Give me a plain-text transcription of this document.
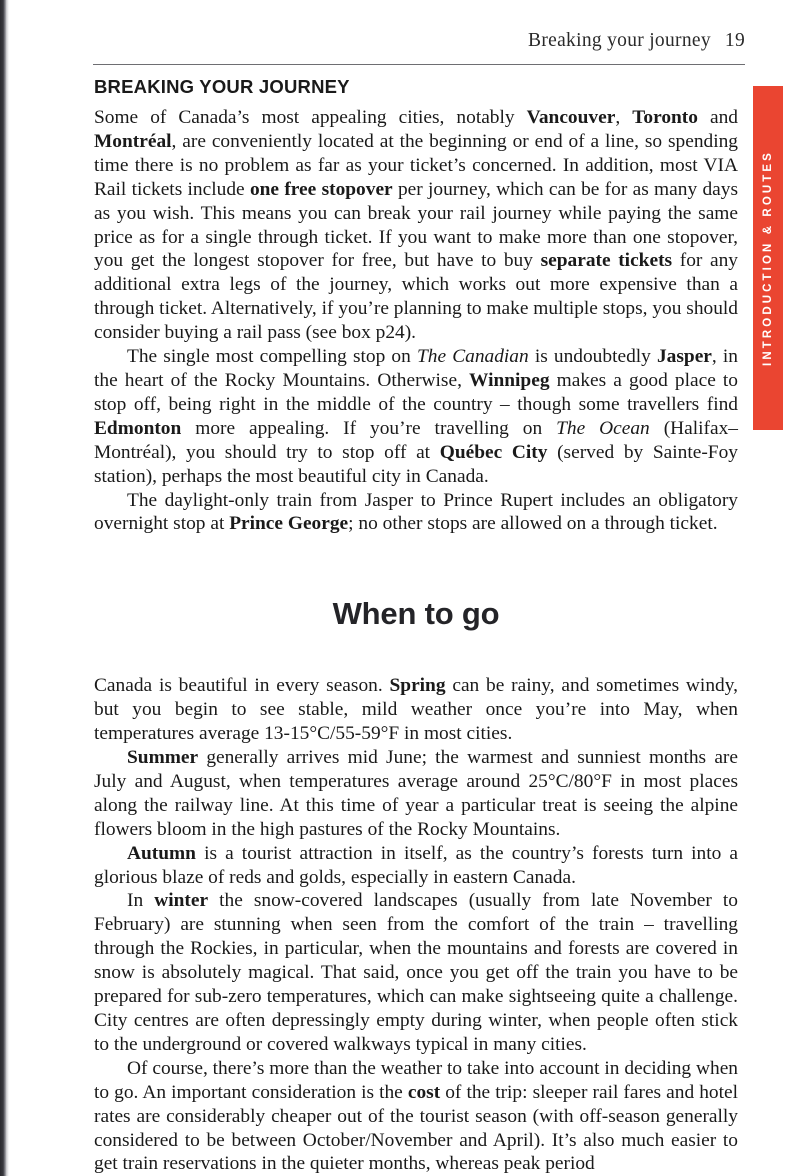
Breaking your journey 19
INTRODUCTION & ROUTES
BREAKING YOUR JOURNEY

Some of Canada’s most appealing cities, notably Vancouver, Toronto and Montréal, are conveniently located at the beginning or end of a line, so spending time there is no problem as far as your ticket’s concerned. In addition, most VIA Rail tickets include one free stopover per journey, which can be for as many days as you wish. This means you can break your rail journey while paying the same price as for a single through ticket. If you want to make more than one stopover, you get the longest stopover for free, but have to buy separate tickets for any additional extra legs of the journey, which works out more expensive than a through ticket. Alternatively, if you’re planning to make multiple stops, you should consider buying a rail pass (see box p24).

The single most compelling stop on The Canadian is undoubtedly Jasper, in the heart of the Rocky Mountains. Otherwise, Winnipeg makes a good place to stop off, being right in the middle of the country – though some travellers find Edmonton more appealing. If you’re travelling on The Ocean (Halifax–Montréal), you should try to stop off at Québec City (served by Sainte-Foy station), perhaps the most beautiful city in Canada.

The daylight-only train from Jasper to Prince Rupert includes an obligatory overnight stop at Prince George; no other stops are allowed on a through ticket.

When to go

Canada is beautiful in every season. Spring can be rainy, and sometimes windy, but you begin to see stable, mild weather once you’re into May, when temperatures average 13-15°C/55-59°F in most cities.

Summer generally arrives mid June; the warmest and sunniest months are July and August, when temperatures average around 25°C/80°F in most places along the railway line. At this time of year a particular treat is seeing the alpine flowers bloom in the high pastures of the Rocky Mountains.

Autumn is a tourist attraction in itself, as the country’s forests turn into a glorious blaze of reds and golds, especially in eastern Canada.

In winter the snow-covered landscapes (usually from late November to February) are stunning when seen from the comfort of the train – travelling through the Rockies, in particular, when the mountains and forests are covered in snow is absolutely magical. That said, once you get off the train you have to be prepared for sub-zero temperatures, which can make sightseeing quite a challenge. City centres are often depressingly empty during winter, when people often stick to the underground or covered walkways typical in many cities.

Of course, there’s more than the weather to take into account in deciding when to go. An important consideration is the cost of the trip: sleeper rail fares and hotel rates are considerably cheaper out of the tourist season (with off-season generally considered to be between October/November and April). It’s also much easier to get train reservations in the quieter months, whereas peak period
